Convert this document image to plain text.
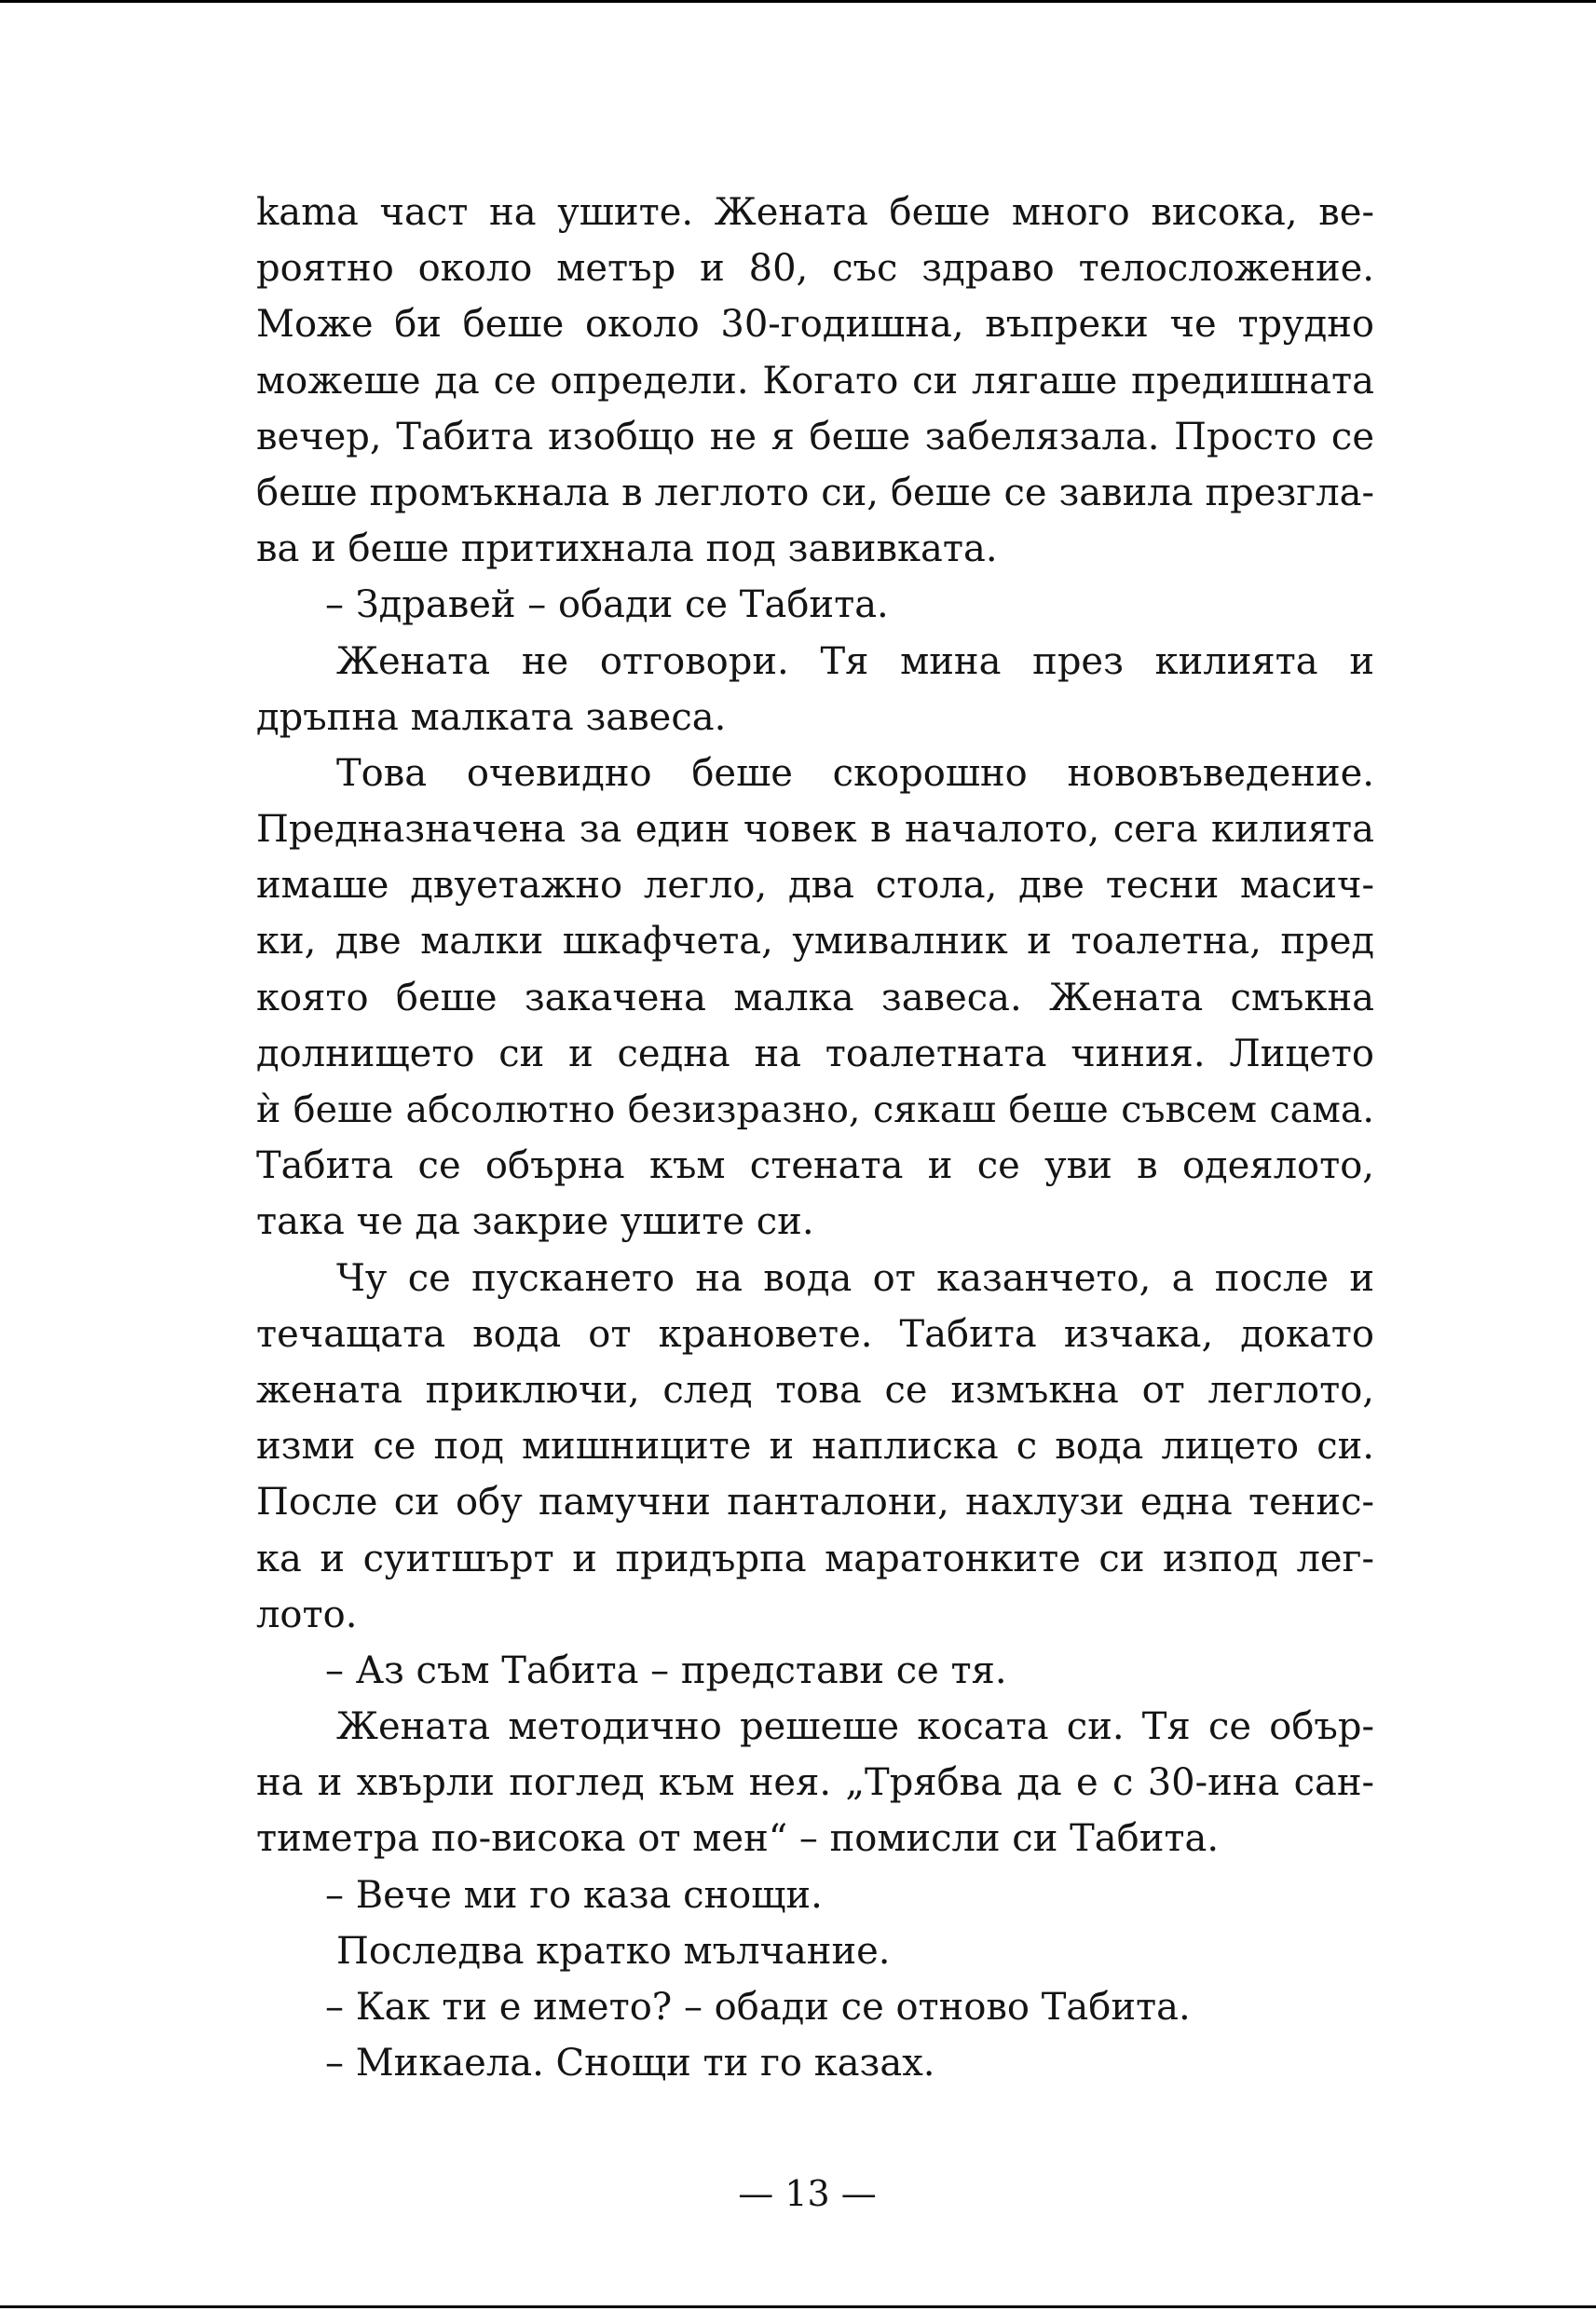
kama част на ушите. Жената беше много висока, ве-
роятно около метър и 80, със здраво телосложение.
Може би беше около 30-годишна, въпреки че трудно
можеше да се определи. Когато си лягаше предишната
вечер, Табита изобщо не я беше забелязала. Просто се
беше промъкнала в леглото си, беше се завила презгла-
ва и беше притихнала под завивката.
– Здравей – обади се Табита.
Жената не отговори. Тя мина през килията и
дръпна малката завеса.
Това очевидно беше скорошно нововъведение.
Предназначена за един човек в началото, сега килията
имаше двуетажно легло, два стола, две тесни масич-
ки, две малки шкафчета, умивалник и тоалетна, пред
която беше закачена малка завеса. Жената смъкна
долнището си и седна на тоалетната чиния. Лицето
ѝ беше абсолютно безизразно, сякаш беше съвсем сама.
Табита се обърна към стената и се уви в одеялото,
така че да закрие ушите си.
Чу се пускането на вода от казанчето, а после и
течащата вода от крановете. Табита изчака, докато
жената приключи, след това се измъкна от леглото,
изми се под мишниците и наплиска с вода лицето си.
После си обу памучни панталони, нахлузи една тенис-
ка и суитшърт и придърпа маратонките си изпод лег-
лото.
– Аз съм Табита – представи се тя.
Жената методично решеше косата си. Тя се обър-
на и хвърли поглед към нея. „Трябва да е с 30-ина сан-
тиметра по-висока от мен“ – помисли си Табита.
– Вече ми го каза снощи.
Последва кратко мълчание.
– Как ти е името? – обади се отново Табита.
– Микаела. Снощи ти го казах.
— 13 —
